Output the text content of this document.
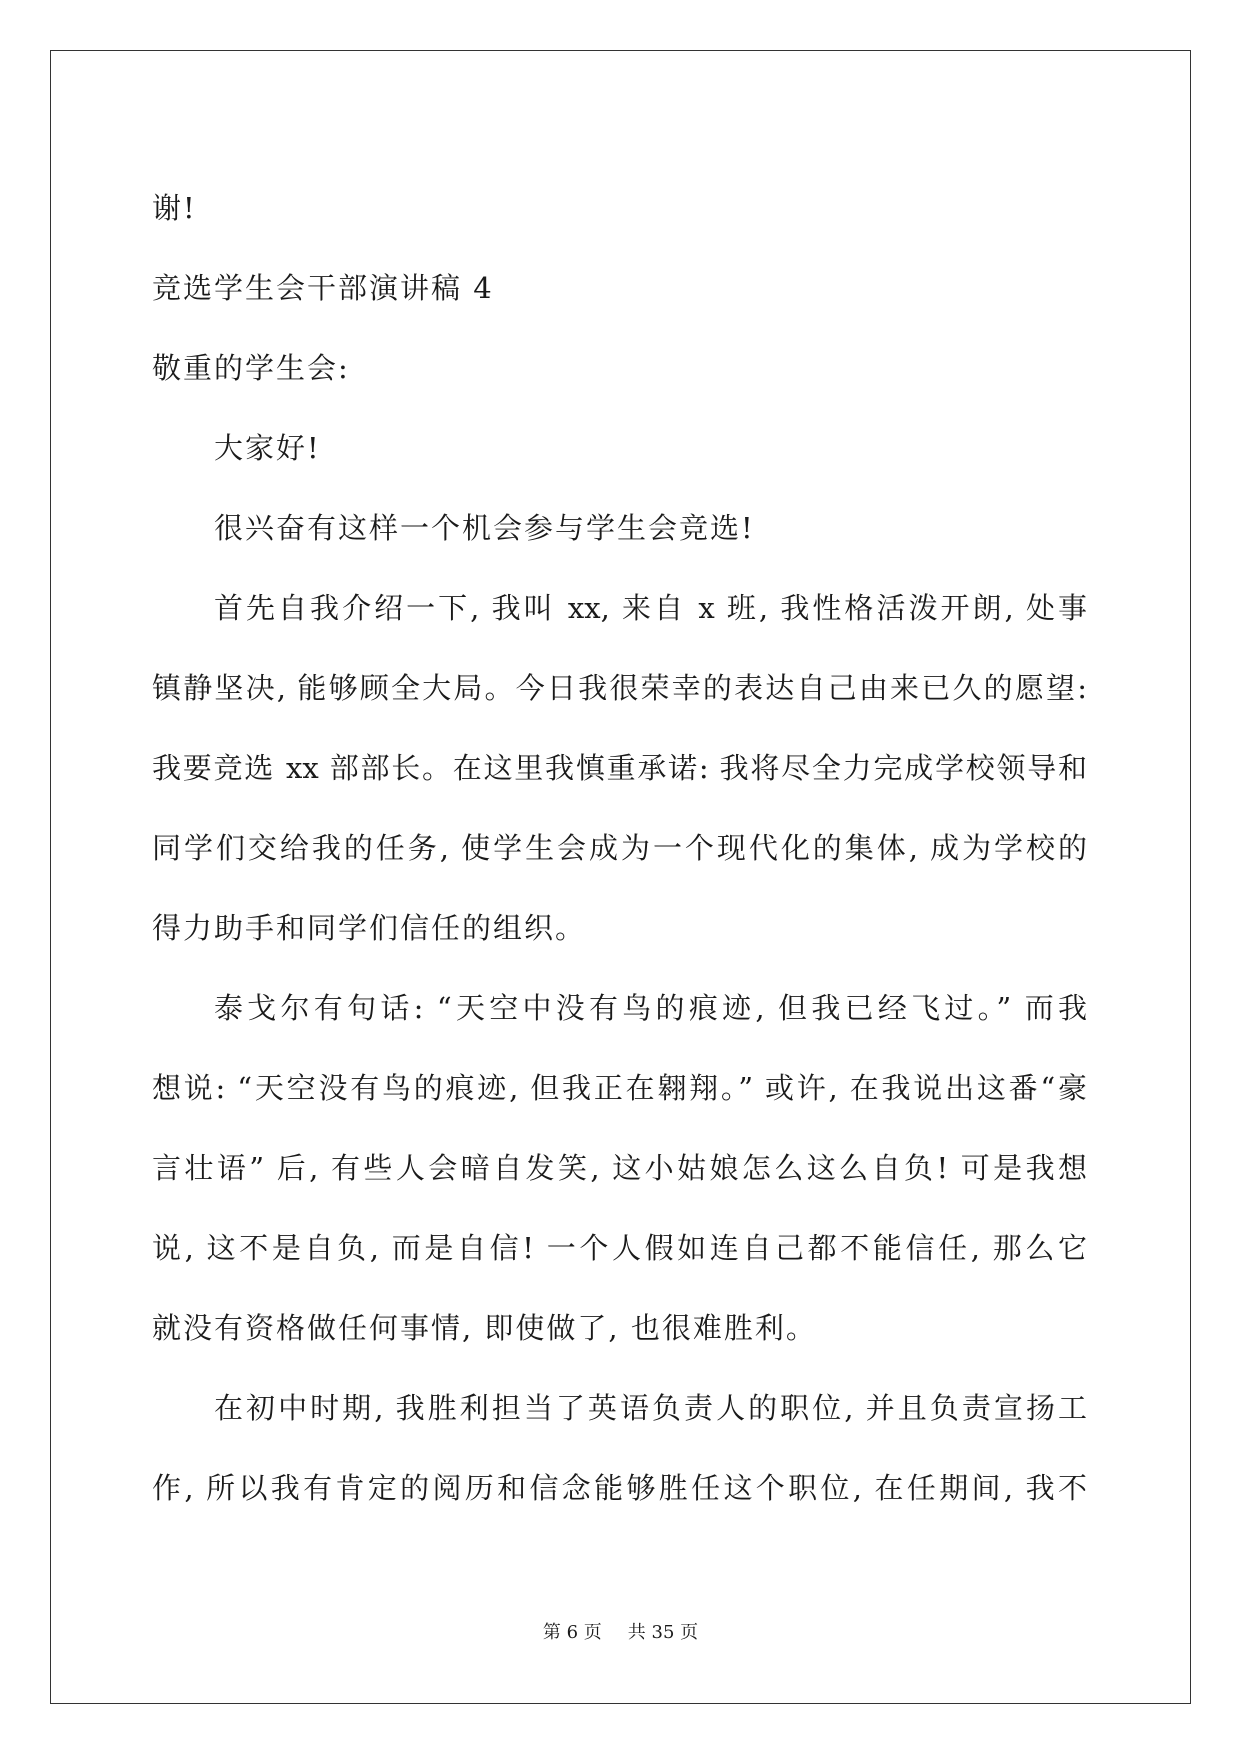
谢!
竞选学生会干部演讲稿 4
敬重的学生会:
大家好!
很兴奋有这样一个机会参与学生会竞选!
首先自我介绍一下, 我叫 xx, 来自 x 班, 我性格活泼开朗, 处事
镇静坚决, 能够顾全大局。今日我很荣幸的表达自己由来已久的愿望:
我要竞选 xx 部部长。在这里我慎重承诺: 我将尽全力完成学校领导和
同学们交给我的任务, 使学生会成为一个现代化的集体, 成为学校的
得力助手和同学们信任的组织。
泰戈尔有句话: “天空中没有鸟的痕迹, 但我已经飞过。” 而我
想说: “天空没有鸟的痕迹, 但我正在翱翔。” 或许, 在我说出这番“豪
言壮语” 后, 有些人会暗自发笑, 这小姑娘怎么这么自负! 可是我想
说, 这不是自负, 而是自信! 一个人假如连自己都不能信任, 那么它
就没有资格做任何事情, 即使做了, 也很难胜利。
在初中时期, 我胜利担当了英语负责人的职位, 并且负责宣扬工
作, 所以我有肯定的阅历和信念能够胜任这个职位, 在任期间, 我不
第 6 页 共 35 页
